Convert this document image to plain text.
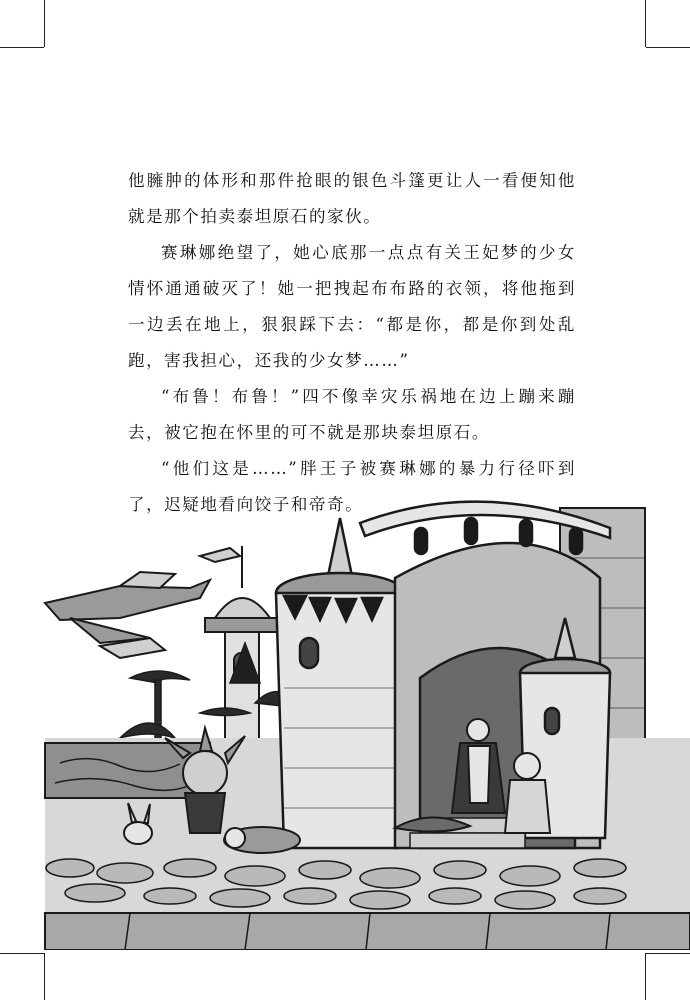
他臃肿的体形和那件抢眼的银色斗篷更让人一看便知他就是那个拍卖泰坦原石的家伙。

赛琳娜绝望了，她心底那一点点有关王妃梦的少女情怀通通破灭了！她一把拽起布布路的衣领，将他拖到一边丢在地上，狠狠踩下去：“都是你，都是你到处乱跑，害我担心，还我的少女梦……”

“布鲁！布鲁！”四不像幸灾乐祸地在边上蹦来蹦去，被它抱在怀里的可不就是那块泰坦原石。

“他们这是……”胖王子被赛琳娜的暴力行径吓到了，迟疑地看向饺子和帝奇。
